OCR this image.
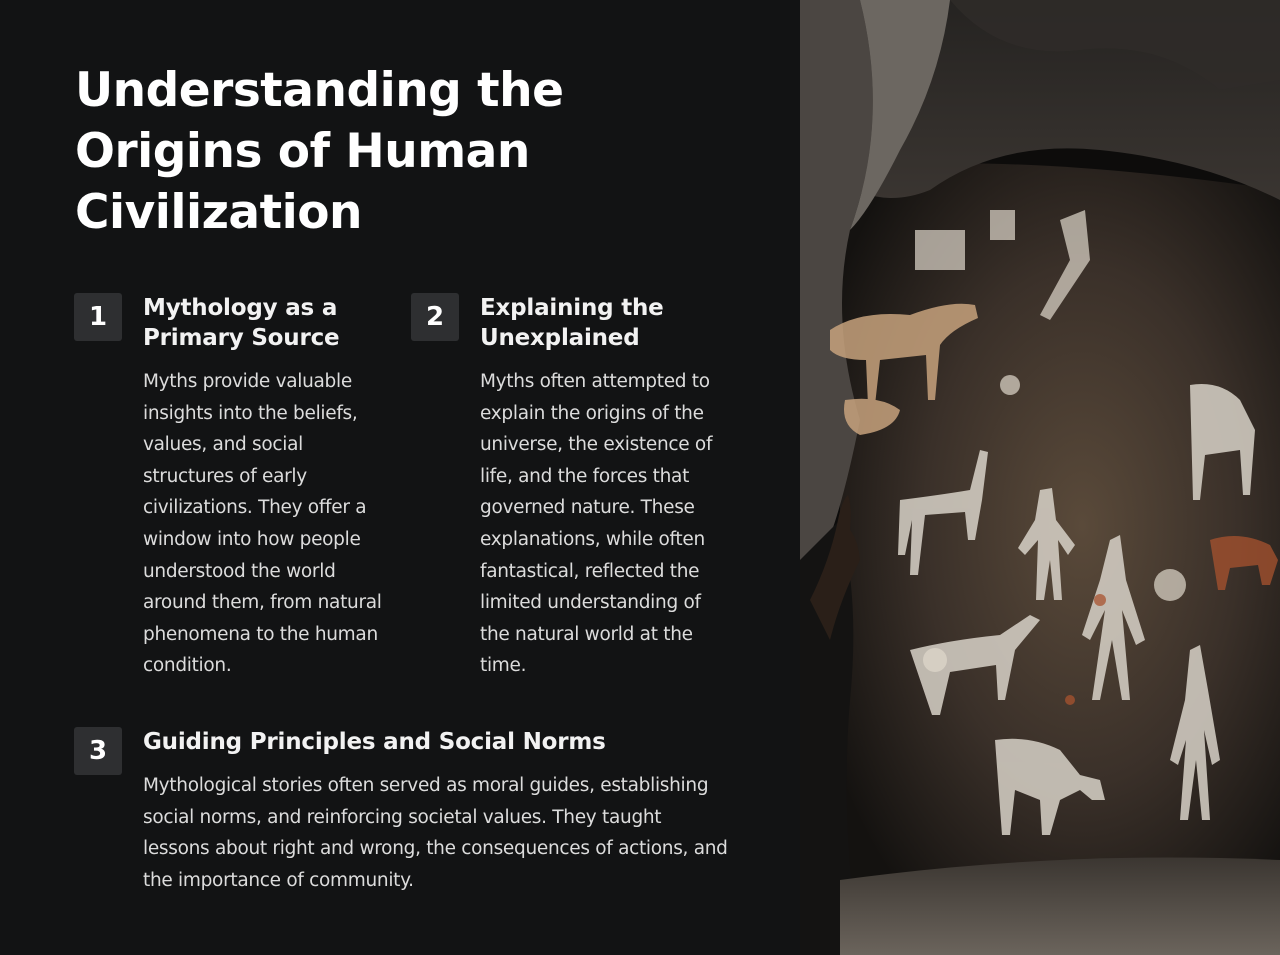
Understanding the Origins of Human Civilization
1	Mythology as a Primary Source

Myths provide valuable insights into the beliefs, values, and social structures of early civilizations. They offer a window into how people understood the world around them, from natural phenomena to the human condition.

2	Explaining the Unexplained

Myths often attempted to explain the origins of the universe, the existence of life, and the forces that governed nature. These explanations, while often fantastical, reflected the limited understanding of the natural world at the time.

3	Guiding Principles and Social Norms

Mythological stories often served as moral guides, establishing social norms, and reinforcing societal values. They taught lessons about right and wrong, the consequences of actions, and the importance of community.
